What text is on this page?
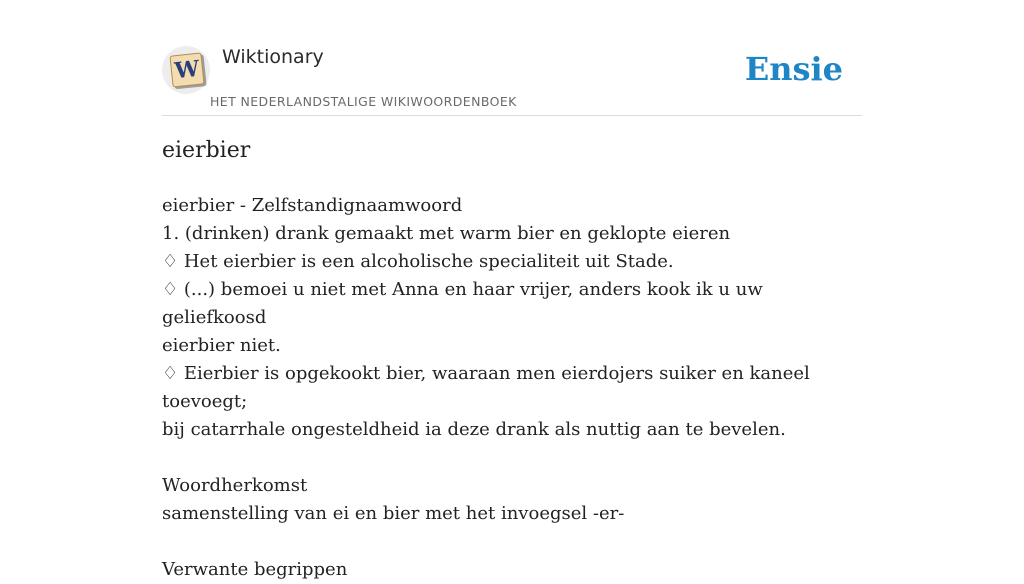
W Wiktionary
HET NEDERLANDSTALIGE WIKIWOORDENBOEK
Ensie
eierbier
eierbier - Zelfstandignaamwoord
1. (drinken) drank gemaakt met warm bier en geklopte eieren
♢ Het eierbier is een alcoholische specialiteit uit Stade.
♢ (...) bemoei u niet met Anna en haar vrijer, anders kook ik u uw geliefkoosd
eierbier niet.
♢ Eierbier is opgekookt bier, waaraan men eierdojers suiker en kaneel toevoegt;
bij catarrhale ongesteldheid ia deze drank als nuttig aan te bevelen.
Woordherkomst
samenstelling van ei en bier met het invoegsel -er-
Verwante begrippen
